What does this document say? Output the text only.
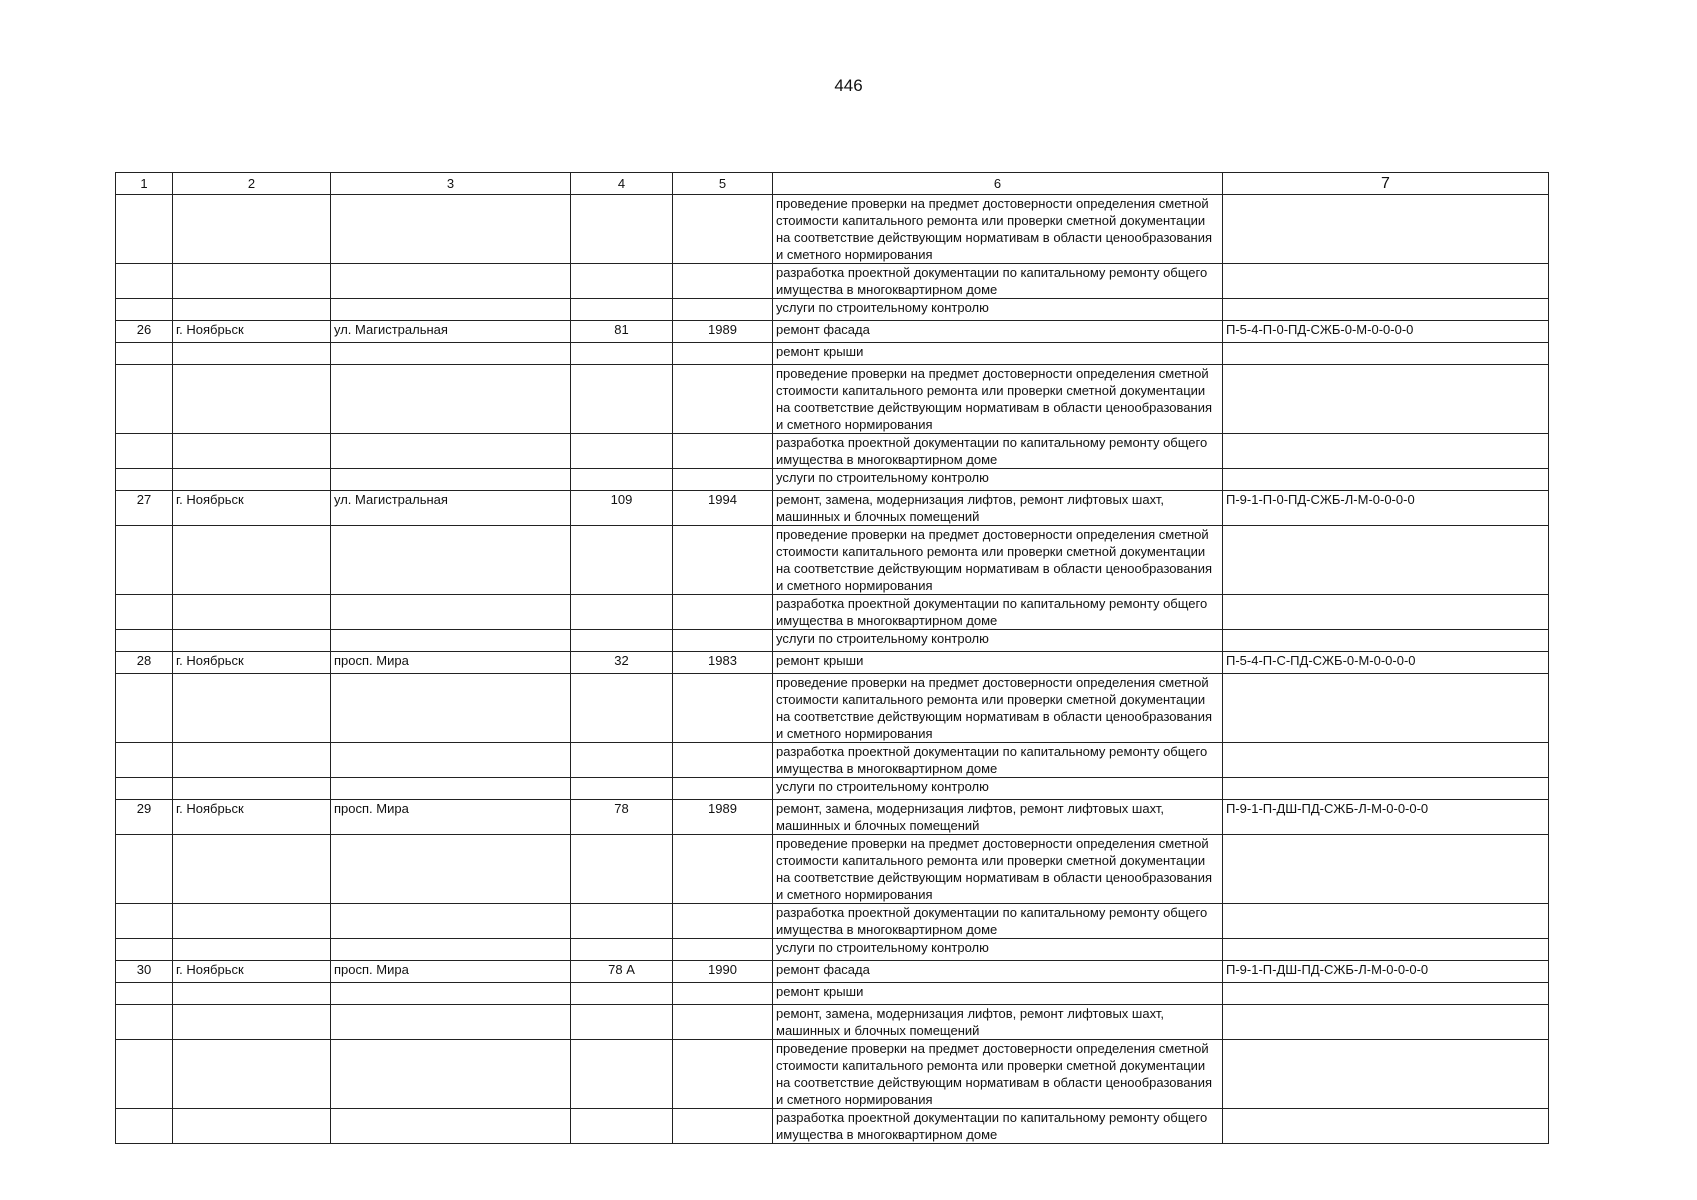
446
1	2	3	4	5	6	7
					проведение проверки на предмет достоверности определения сметной стоимости капитального ремонта или проверки сметной документации на соответствие действующим нормативам в области ценообразования и сметного нормирования	
					разработка проектной документации по капитальному ремонту общего имущества в многоквартирном доме	
					услуги по строительному контролю	
26	г. Ноябрьск	ул. Магистральная	81	1989	ремонт фасада	П-5-4-П-0-ПД-СЖБ-0-М-0-0-0-0
					ремонт крыши	
					проведение проверки на предмет достоверности определения сметной стоимости капитального ремонта или проверки сметной документации на соответствие действующим нормативам в области ценообразования и сметного нормирования	
					разработка проектной документации по капитальному ремонту общего имущества в многоквартирном доме	
					услуги по строительному контролю	
27	г. Ноябрьск	ул. Магистральная	109	1994	ремонт, замена, модернизация лифтов, ремонт лифтовых шахт, машинных и блочных помещений	П-9-1-П-0-ПД-СЖБ-Л-М-0-0-0-0
					проведение проверки на предмет достоверности определения сметной стоимости капитального ремонта или проверки сметной документации на соответствие действующим нормативам в области ценообразования и сметного нормирования	
					разработка проектной документации по капитальному ремонту общего имущества в многоквартирном доме	
					услуги по строительному контролю	
28	г. Ноябрьск	просп. Мира	32	1983	ремонт крыши	П-5-4-П-С-ПД-СЖБ-0-М-0-0-0-0
					проведение проверки на предмет достоверности определения сметной стоимости капитального ремонта или проверки сметной документации на соответствие действующим нормативам в области ценообразования и сметного нормирования	
					разработка проектной документации по капитальному ремонту общего имущества в многоквартирном доме	
					услуги по строительному контролю	
29	г. Ноябрьск	просп. Мира	78	1989	ремонт, замена, модернизация лифтов, ремонт лифтовых шахт, машинных и блочных помещений	П-9-1-П-ДШ-ПД-СЖБ-Л-М-0-0-0-0
					проведение проверки на предмет достоверности определения сметной стоимости капитального ремонта или проверки сметной документации на соответствие действующим нормативам в области ценообразования и сметного нормирования	
					разработка проектной документации по капитальному ремонту общего имущества в многоквартирном доме	
					услуги по строительному контролю	
30	г. Ноябрьск	просп. Мира	78 А	1990	ремонт фасада	П-9-1-П-ДШ-ПД-СЖБ-Л-М-0-0-0-0
					ремонт крыши	
					ремонт, замена, модернизация лифтов, ремонт лифтовых шахт, машинных и блочных помещений	
					проведение проверки на предмет достоверности определения сметной стоимости капитального ремонта или проверки сметной документации на соответствие действующим нормативам в области ценообразования и сметного нормирования	
					разработка проектной документации по капитальному ремонту общего имущества в многоквартирном доме	
